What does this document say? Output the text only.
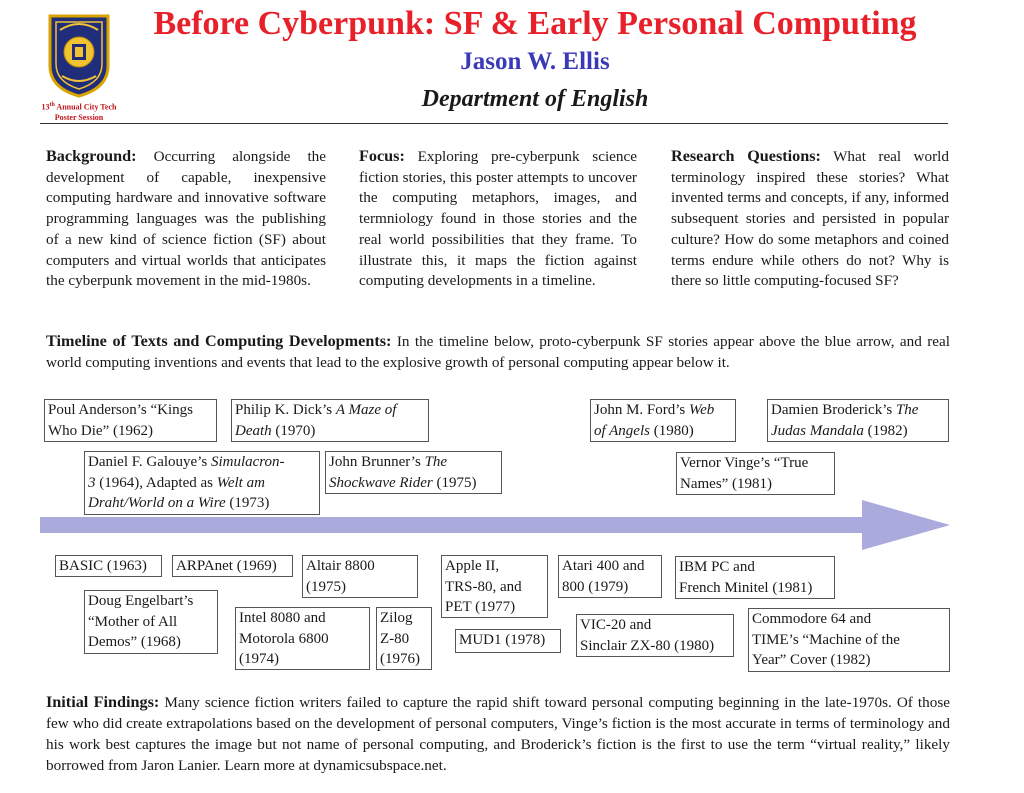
13th Annual City Tech
Poster Session
Before Cyberpunk: SF & Early Personal Computing
Jason W. Ellis
Department of English
Background: Occurring alongside the development of capable, inexpensive computing hardware and innovative software programming languages was the publishing of a new kind of science fiction (SF) about computers and virtual worlds that anticipates the cyberpunk movement in the mid-1980s.
Focus: Exploring pre-cyberpunk science fiction stories, this poster attempts to uncover the computing metaphors, images, and termniology found in those stories and the real world possibilities that they frame. To illustrate this, it maps the fiction against computing developments in a timeline.
Research Questions: What real world terminology inspired these stories? What invented terms and concepts, if any, informed subsequent stories and persisted in popular culture? How do some metaphors and coined terms endure while others do not? Why is there so little computing-focused SF?
Timeline of Texts and Computing Developments: In the timeline below, proto-cyberpunk SF stories appear above the blue arrow, and real world computing inventions and events that lead to the explosive growth of personal computing appear below it.
Poul Anderson’s “Kings
Who Die” (1962)
Philip K. Dick’s A Maze of
Death (1970)
Daniel F. Galouye’s Simulacron-
3 (1964), Adapted as Welt am
Draht/World on a Wire (1973)
John Brunner’s The
Shockwave Rider (1975)
John M. Ford’s Web
of Angels (1980)
Damien Broderick’s The
Judas Mandala (1982)
Vernor Vinge’s “True
Names” (1981)
BASIC (1963)	ARPAnet (1969)	Altair 8800
(1975)
Apple II,
TRS-80, and
PET (1977)
Atari 400 and
800 (1979)
IBM PC and
French Minitel (1981)
Doug Engelbart’s
“Mother of All
Demos” (1968)
Intel 8080 and
Motorola 6800
(1974)
Zilog
Z-80
(1976)
MUD1 (1978)
VIC-20 and
Sinclair ZX-80 (1980)
Commodore 64 and
TIME’s “Machine of the
Year” Cover (1982)
Initial Findings: Many science fiction writers failed to capture the rapid shift toward personal computing beginning in the late-1970s. Of those few who did create extrapolations based on the development of personal computers, Vinge’s fiction is the most accurate in terms of terminology and his work best captures the image but not name of personal computing, and Broderick’s fiction is the first to use the term “virtual reality,” likely borrowed from Jaron Lanier. Learn more at dynamicsubspace.net.
